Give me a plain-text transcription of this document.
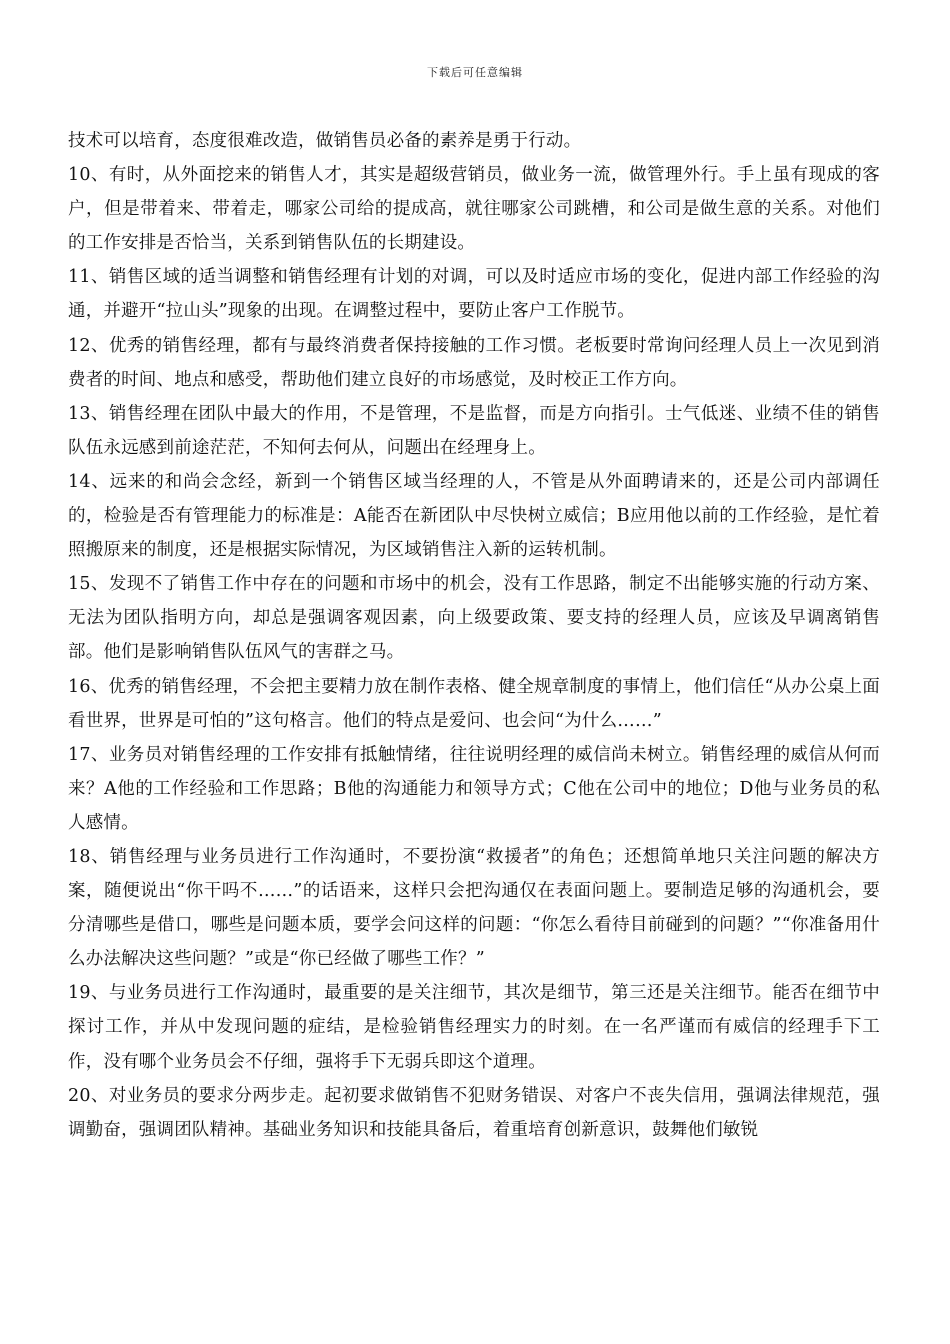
下载后可任意编辑

技术可以培育，态度很难改造，做销售员必备的素养是勇于行动。

10、有时，从外面挖来的销售人才，其实是超级营销员，做业务一流，做管理外行。手上虽有现成的客户，但是带着来、带着走，哪家公司给的提成高，就往哪家公司跳槽，和公司是做生意的关系。对他们的工作安排是否恰当，关系到销售队伍的长期建设。

11、销售区域的适当调整和销售经理有计划的对调，可以及时适应市场的变化，促进内部工作经验的沟通，并避开“拉山头”现象的出现。在调整过程中，要防止客户工作脱节。

12、优秀的销售经理，都有与最终消费者保持接触的工作习惯。老板要时常询问经理人员上一次见到消费者的时间、地点和感受，帮助他们建立良好的市场感觉，及时校正工作方向。

13、销售经理在团队中最大的作用，不是管理，不是监督，而是方向指引。士气低迷、业绩不佳的销售队伍永远感到前途茫茫，不知何去何从，问题出在经理身上。

14、远来的和尚会念经，新到一个销售区域当经理的人，不管是从外面聘请来的，还是公司内部调任的，检验是否有管理能力的标准是：A能否在新团队中尽快树立威信；B应用他以前的工作经验，是忙着照搬原来的制度，还是根据实际情况，为区域销售注入新的运转机制。

15、发现不了销售工作中存在的问题和市场中的机会，没有工作思路，制定不出能够实施的行动方案、无法为团队指明方向，却总是强调客观因素，向上级要政策、要支持的经理人员，应该及早调离销售部。他们是影响销售队伍风气的害群之马。

16、优秀的销售经理，不会把主要精力放在制作表格、健全规章制度的事情上，他们信任“从办公桌上面看世界，世界是可怕的”这句格言。他们的特点是爱问、也会问“为什么……”

17、业务员对销售经理的工作安排有抵触情绪，往往说明经理的威信尚未树立。销售经理的威信从何而来？A他的工作经验和工作思路；B他的沟通能力和领导方式；C他在公司中的地位；D他与业务员的私人感情。

18、销售经理与业务员进行工作沟通时，不要扮演“救援者”的角色；还想简单地只关注问题的解决方案，随便说出“你干吗不……”的话语来，这样只会把沟通仅在表面问题上。要制造足够的沟通机会，要分清哪些是借口，哪些是问题本质，要学会问这样的问题：“你怎么看待目前碰到的问题？”“你准备用什么办法解决这些问题？”或是“你已经做了哪些工作？”

19、与业务员进行工作沟通时，最重要的是关注细节，其次是细节，第三还是关注细节。能否在细节中探讨工作，并从中发现问题的症结，是检验销售经理实力的时刻。在一名严谨而有威信的经理手下工作，没有哪个业务员会不仔细，强将手下无弱兵即这个道理。

20、对业务员的要求分两步走。起初要求做销售不犯财务错误、对客户不丧失信用，强调法律规范，强调勤奋，强调团队精神。基础业务知识和技能具备后，着重培育创新意识，鼓舞他们敏锐
